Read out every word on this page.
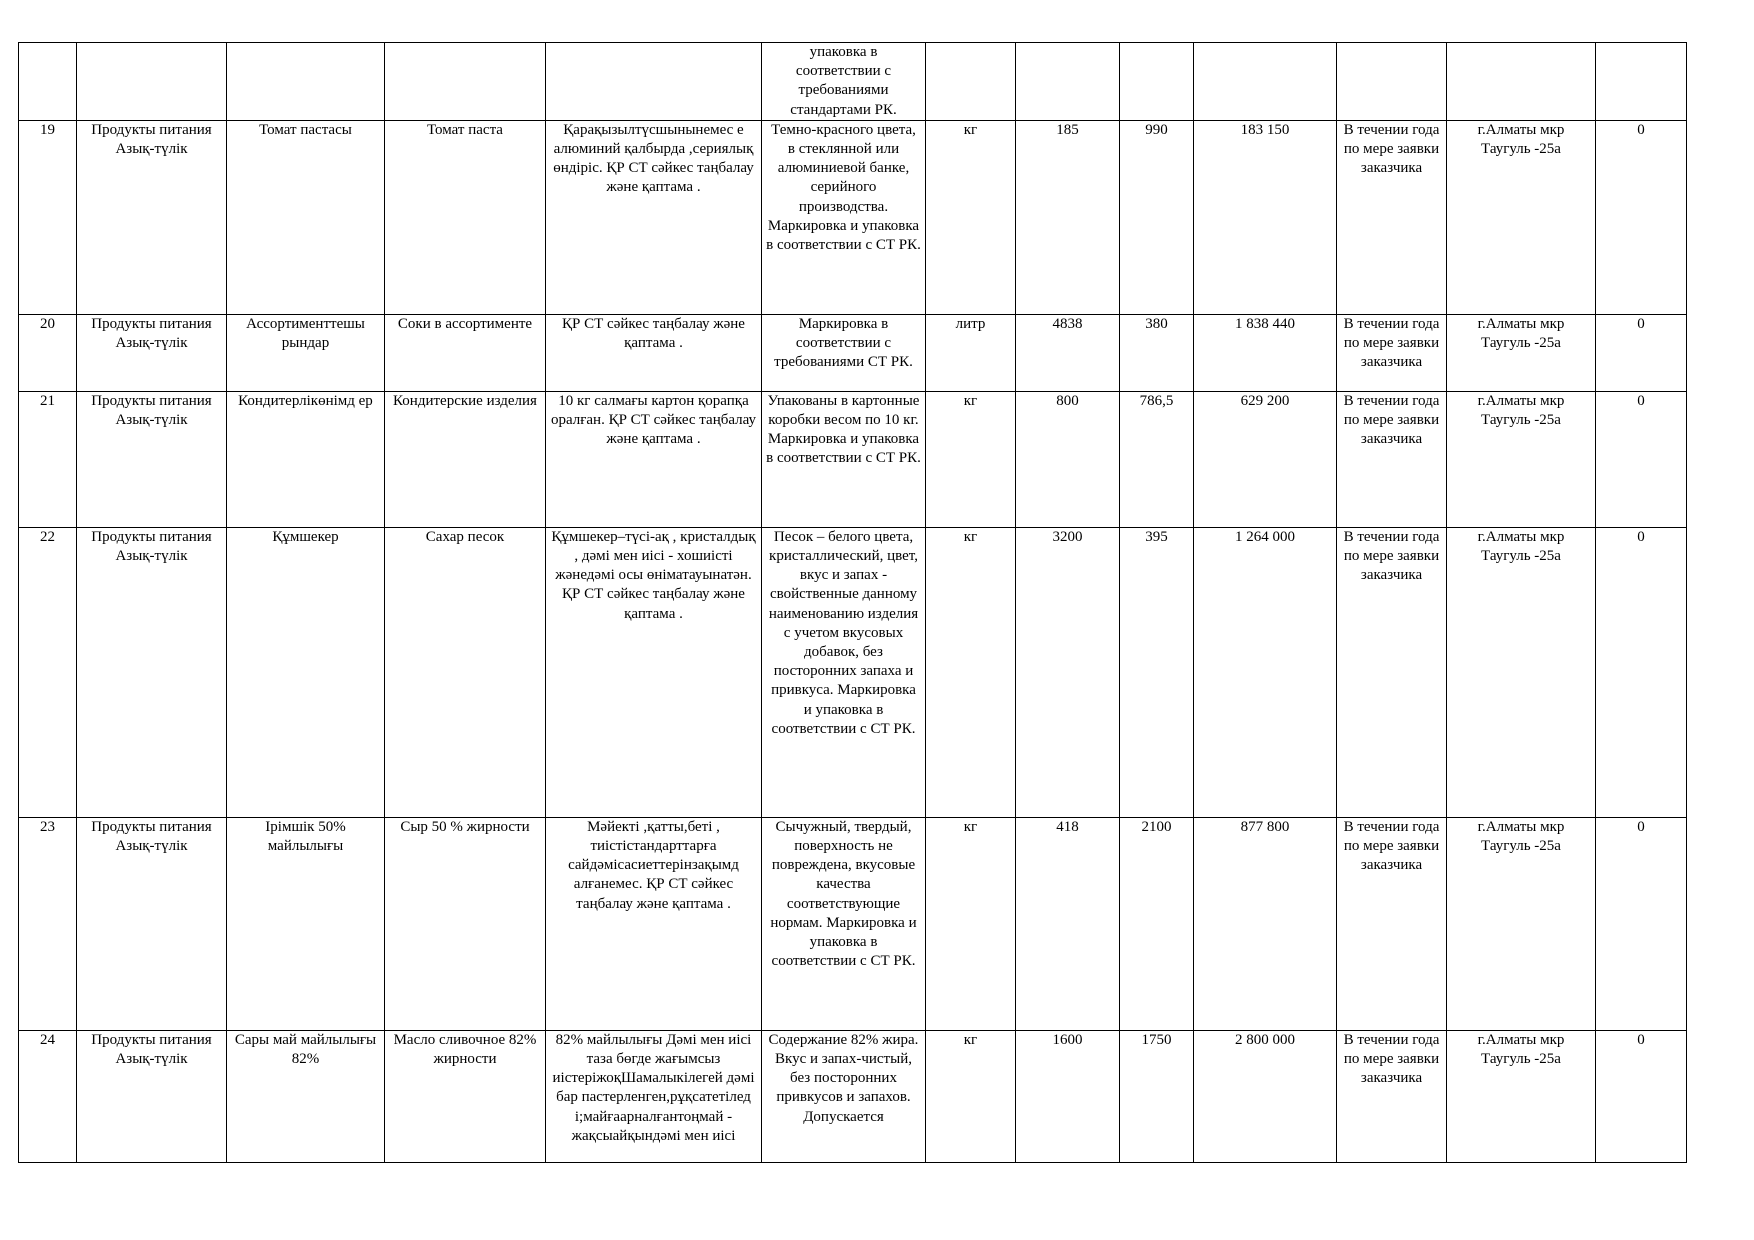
					упаковка в соответствии с требованиями стандартами РК.							
19	Продукты питания Азық-түлік	Томат пастасы	Томат паста	Қарақызылтүсшынынемес е алюминий қалбырда ,сериялық өндіріс. ҚР СТ сәйкес таңбалау және қаптама .	Темно-красного цвета, в стеклянной или алюминиевой банке, серийного производства. Маркировка и упаковка в соответствии с СТ РК.	кг	185	990	183 150	В течении года по мере заявки заказчика	г.Алматы мкр Таугуль -25а	0
20	Продукты питания Азық-түлік	Ассортименттешы рындар	Соки в ассортименте	ҚР СТ сәйкес таңбалау және қаптама .	Маркировка в соответствии с требованиями СТ РК.	литр	4838	380	1 838 440	В течении года по мере заявки заказчика	г.Алматы мкр Таугуль -25а	0
21	Продукты питания Азық-түлік	Кондитерлікөнімд ер	Кондитерские изделия	10 кг салмағы картон қорапқа оралған. ҚР СТ сәйкес таңбалау және қаптама .	Упакованы в картонные коробки весом по 10 кг. Маркировка и упаковка в соответствии с СТ РК.	кг	800	786,5	629 200	В течении года по мере заявки заказчика	г.Алматы мкр Таугуль -25а	0
22	Продукты питания Азық-түлік	Құмшекер	Сахар песок	Құмшекер–түсі-ақ , кристалдық , дәмі мен иісі - хошиісті жәнедәмі осы өніматауынатән. ҚР СТ сәйкес таңбалау және қаптама .	Песок – белого цвета, кристаллический, цвет, вкус и запах - свойственные данному наименованию изделия с учетом вкусовых добавок, без посторонних запаха и привкуса. Маркировка и упаковка в соответствии с СТ РК.	кг	3200	395	1 264 000	В течении года по мере заявки заказчика	г.Алматы мкр Таугуль -25а	0
23	Продукты питания Азық-түлік	Ірімшік 50% майлылығы	Сыр 50 % жирности	Мәйекті ,қатты,беті , тиістістандарттарға сайдәмісасиеттерінзақымд алғанемес. ҚР СТ сәйкес таңбалау және қаптама .	Сычужный, твердый, поверхность не повреждена, вкусовые качества соответствующие нормам. Маркировка и упаковка в соответствии с СТ РК.	кг	418	2100	877 800	В течении года по мере заявки заказчика	г.Алматы мкр Таугуль -25а	0
24	Продукты питания Азық-түлік	Сары май майлылығы 82%	Масло сливочное 82% жирности	82% майлылығы Дәмі мен иісі таза бөгде жағымсыз иістеріжоқШамалыкілегей дәмі бар пастерленген,рұқсатетілед і;майғаарналғантоңмай - жақсыайқындәмі мен иісі	Содержание 82% жира. Вкус и запах-чистый, без посторонних привкусов и запахов. Допускается	кг	1600	1750	2 800 000	В течении года по мере заявки заказчика	г.Алматы мкр Таугуль -25а	0
